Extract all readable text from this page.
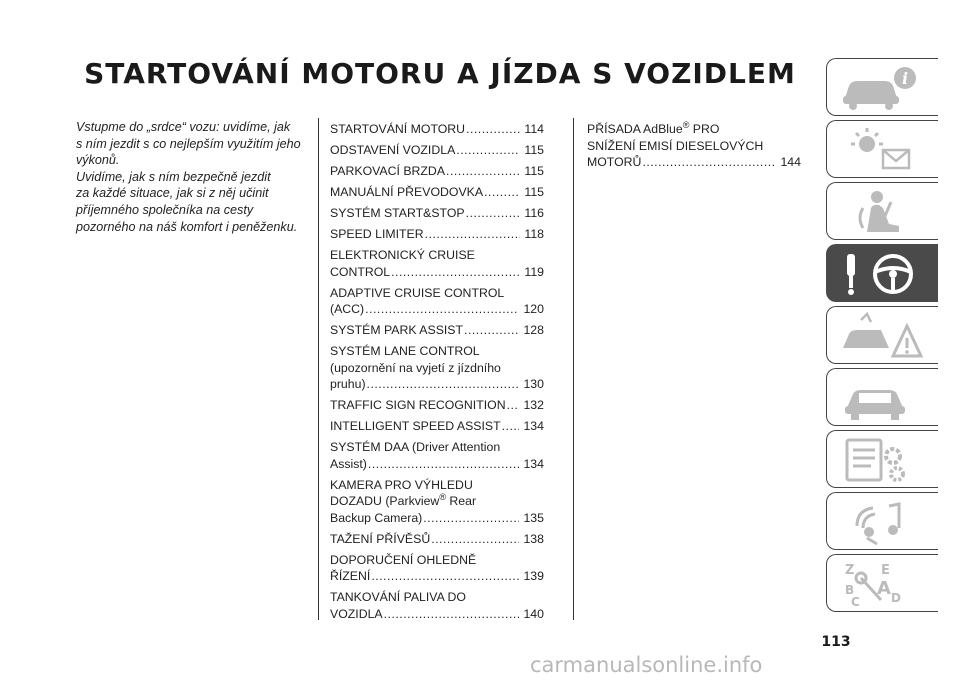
STARTOVÁNÍ MOTORU A JÍZDA S VOZIDLEM

Vstupme do „srdce“ vozu: uvidíme, jak

s ním jezdit s co nejlepším využitím jeho

výkonů.

Uvidíme, jak s ním bezpečně jezdit

za každé situace, jak si z něj učinit

příjemného společníka na cesty

pozorného na náš komfort i peněženku.

STARTOVÁNÍ MOTORU .....	114
ODSTAVENÍ VOZIDLA .....	115
PARKOVACÍ BRZDA .....	115
MANUÁLNÍ PŘEVODOVKA .....	115
SYSTÉM START&STOP .....	116
SPEED LIMITER .....	118
ELEKTRONICKÝ CRUISE
CONTROL .....	119
ADAPTIVE CRUISE CONTROL
(ACC) .....	120
SYSTÉM PARK ASSIST .....	128
SYSTÉM LANE CONTROL
(upozornění na vyjetí z jízdního
pruhu) .....	130
TRAFFIC SIGN RECOGNITION ..... 132
INTELLIGENT SPEED ASSIST ..... 134
SYSTÉM DAA (Driver Attention
Assist) .....	134
KAMERA PRO VÝHLEDU
DOZADU (Parkview® Rear
Backup Camera) .....	135
TAŽENÍ PŘÍVĚSŮ .....	138
DOPORUČENÍ OHLEDNĚ
ŘÍZENÍ .....	139
TANKOVÁNÍ PALIVA DO
VOZIDLA .....	140
PŘÍSADA AdBlue® PRO
SNÍŽENÍ EMISÍ DIESELOVÝCH
MOTORŮ .....	144
i
Z E
B A
C	D
113
carmanualsonline.info
